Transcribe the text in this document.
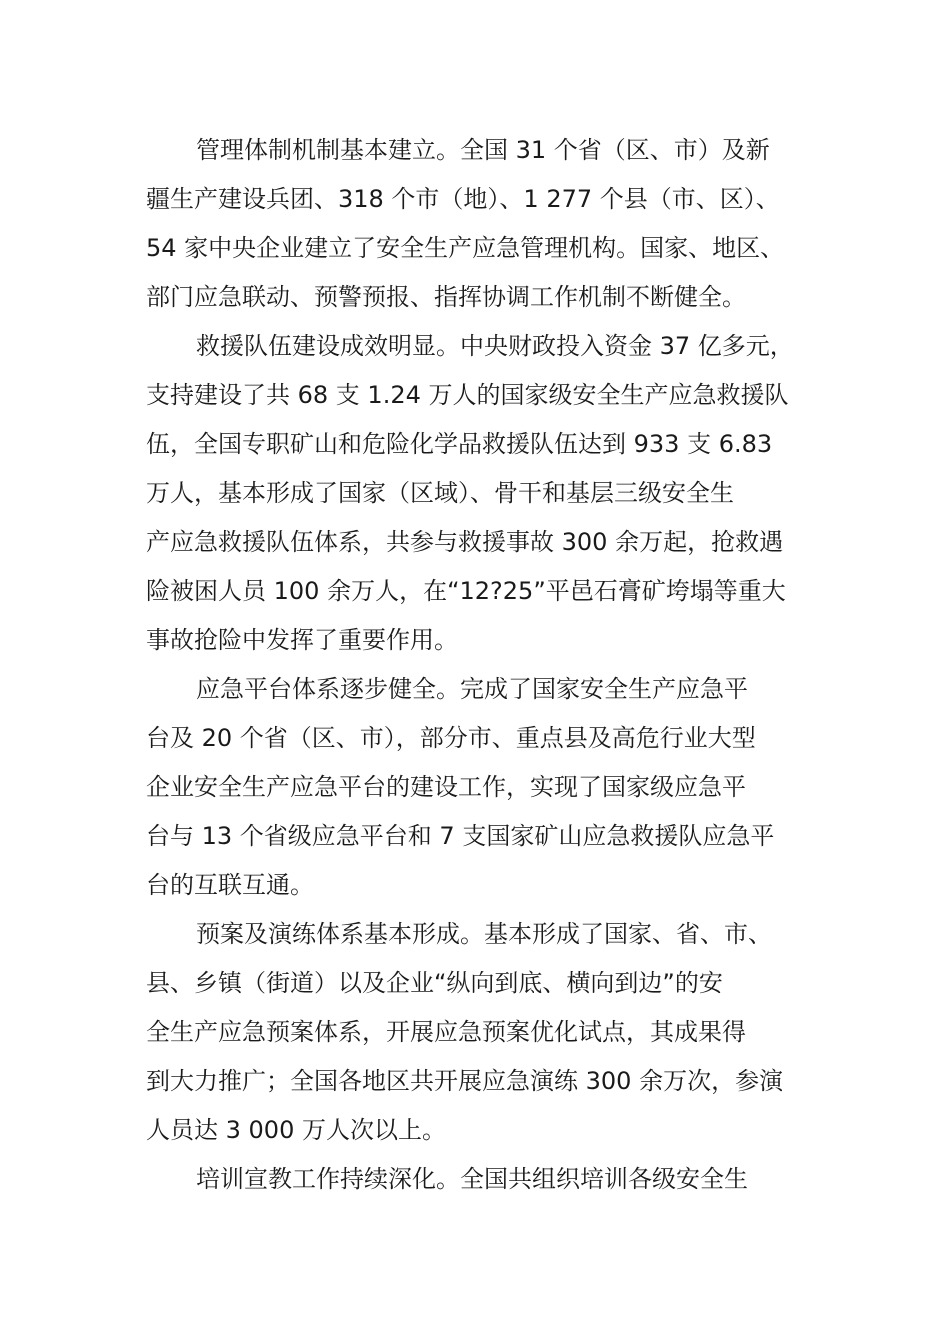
管理体制机制基本建立。全国 31 个省（区、市）及新
疆生产建设兵团、318 个市（地）、1 277 个县（市、区）、
54 家中央企业建立了安全生产应急管理机构。国家、地区、
部门应急联动、预警预报、指挥协调工作机制不断健全。
救援队伍建设成效明显。中央财政投入资金 37 亿多元，
支持建设了共 68 支 1.24 万人的国家级安全生产应急救援队
伍，全国专职矿山和危险化学品救援队伍达到 933 支 6.83
万人，基本形成了国家（区域）、骨干和基层三级安全生
产应急救援队伍体系，共参与救援事故 300 余万起，抢救遇
险被困人员 100 余万人，在“12?25”平邑石膏矿垮塌等重大
事故抢险中发挥了重要作用。
应急平台体系逐步健全。完成了国家安全生产应急平
台及 20 个省（区、市），部分市、重点县及高危行业大型
企业安全生产应急平台的建设工作，实现了国家级应急平
台与 13 个省级应急平台和 7 支国家矿山应急救援队应急平
台的互联互通。
预案及演练体系基本形成。基本形成了国家、省、市、
县、乡镇（街道）以及企业“纵向到底、横向到边”的安
全生产应急预案体系，开展应急预案优化试点，其成果得
到大力推广；全国各地区共开展应急演练 300 余万次，参演
人员达 3 000 万人次以上。
培训宣教工作持续深化。全国共组织培训各级安全生
